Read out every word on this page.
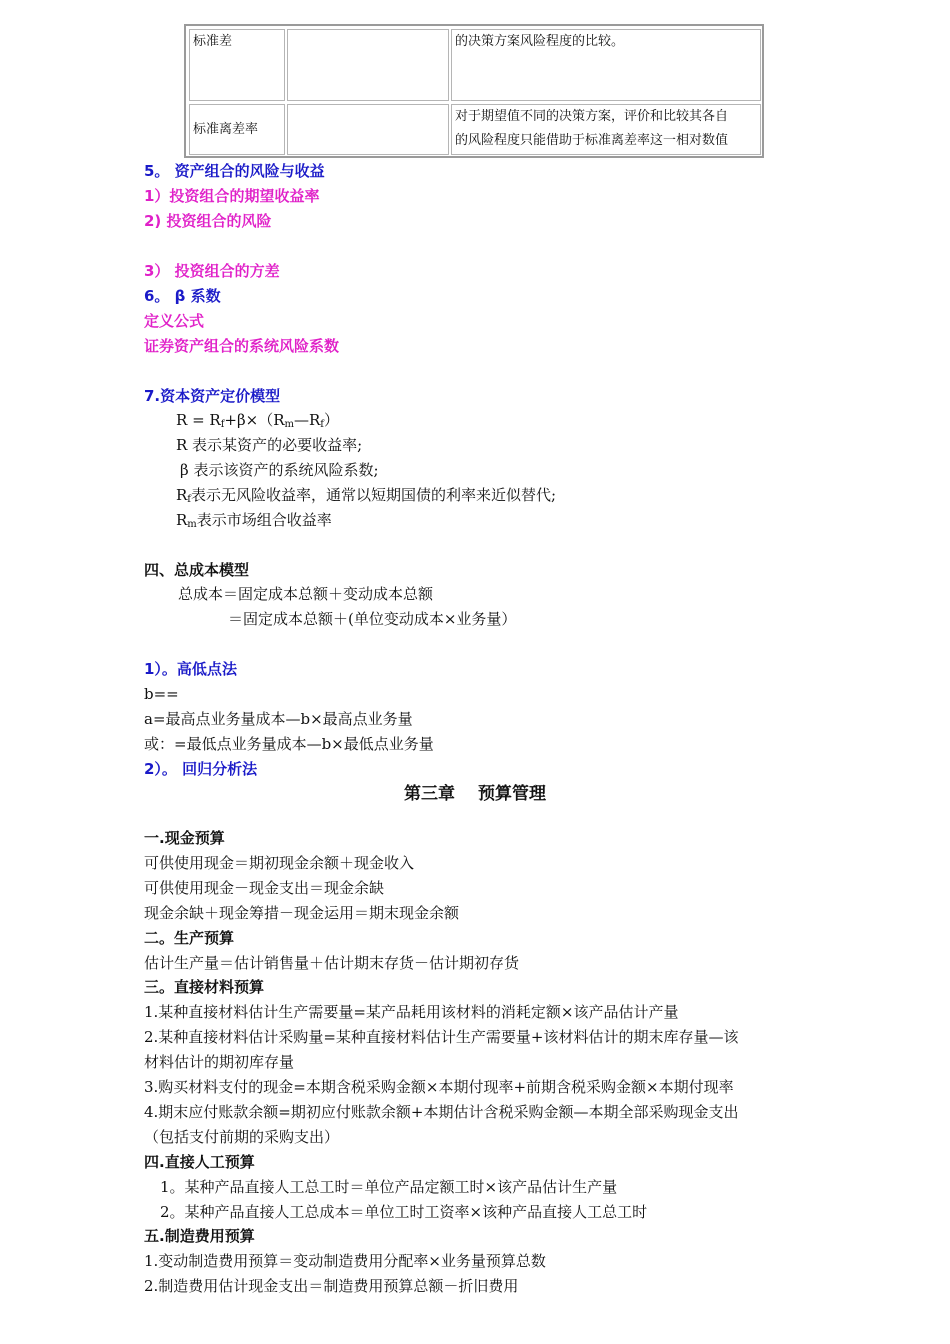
标准差	的决策方案风险程度的比较。
标准离差率
对于期望值不同的决策方案，评价和比较其各自
的风险程度只能借助于标准离差率这一相对数值
5。 资产组合的风险与收益
1）投资组合的期望收益率
2) 投资组合的风险
3） 投资组合的方差
6。 β 系数
定义公式
证券资产组合的系统风险系数
7.资本资产定价模型
$R = R_f+\beta\times(R_m—R_f)$
R 表示某资产的必要收益率;
β 表示该资产的系统风险系数;
$R_f$表示无风险收益率，通常以短期国债的利率来近似替代;
$R_m$表示市场组合收益率
四、总成本模型
总成本＝固定成本总额＋变动成本总额
＝固定成本总额＋(单位变动成本×业务量）
1）。高低点法
b==
a=最高点业务量成本—b×最高点业务量
或：=最低点业务量成本—b×最低点业务量
2）。 回归分析法
第三章　 预算管理
一.现金预算
可供使用现金＝期初现金余额＋现金收入
可供使用现金－现金支出＝现金余缺
现金余缺＋现金筹措－现金运用＝期末现金余额
二。生产预算
估计生产量＝估计销售量＋估计期末存货－估计期初存货
三。直接材料预算
1.某种直接材料估计生产需要量=某产品耗用该材料的消耗定额×该产品估计产量
2.某种直接材料估计采购量=某种直接材料估计生产需要量+该材料估计的期末库存量—该
材料估计的期初库存量
3.购买材料支付的现金=本期含税采购金额×本期付现率+前期含税采购金额×本期付现率
4.期末应付账款余额=期初应付账款余额+本期估计含税采购金额—本期全部采购现金支出
（包括支付前期的采购支出）
四.直接人工预算
1。某种产品直接人工总工时＝单位产品定额工时×该产品估计生产量
2。某种产品直接人工总成本＝单位工时工资率×该种产品直接人工总工时
五.制造费用预算
1.变动制造费用预算＝变动制造费用分配率×业务量预算总数
2.制造费用估计现金支出＝制造费用预算总额－折旧费用
